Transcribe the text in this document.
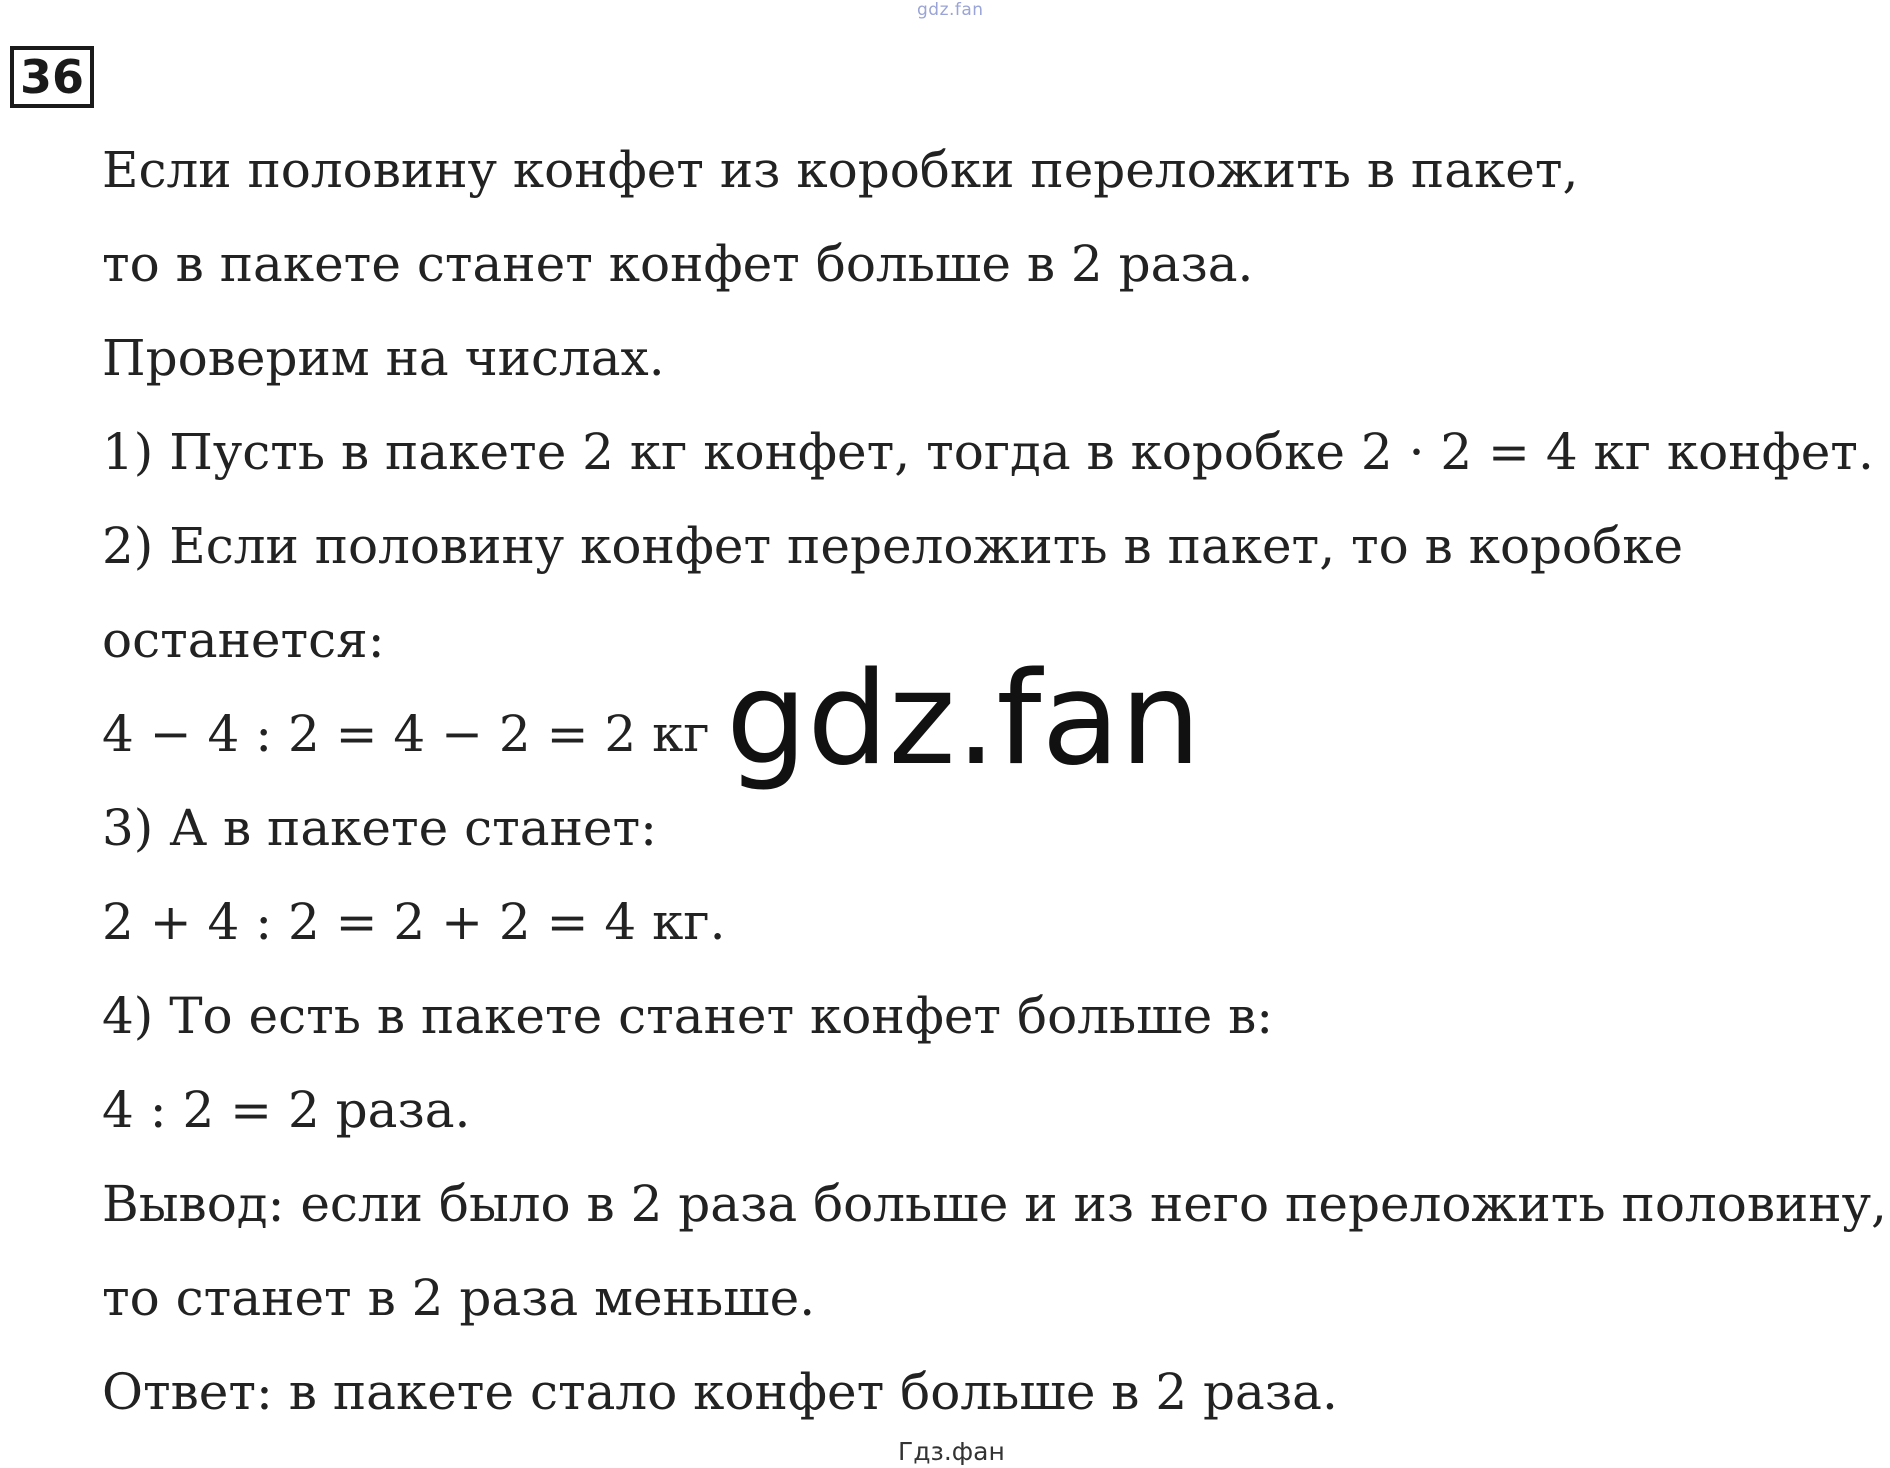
gdz.fan
36
Если половину конфет из коробки переложить в пакет,
то в пакете станет конфет больше в 2 раза.
Проверим на числах.
1) Пусть в пакете 2 кг конфет, тогда в коробке 2 · 2 = 4 кг конфет.
2) Если половину конфет переложить в пакет, то в коробке
останется:
4 − 4 : 2 = 4 − 2 = 2 кг
3) А в пакете станет:
2 + 4 : 2 = 2 + 2 = 4 кг.
4) То есть в пакете станет конфет больше в:
4 : 2 = 2 раза.
Вывод: если было в 2 раза больше и из него переложить половину,
то станет в 2 раза меньше.
Ответ: в пакете стало конфет больше в 2 раза.
gdz.fan
Гдз.фан
